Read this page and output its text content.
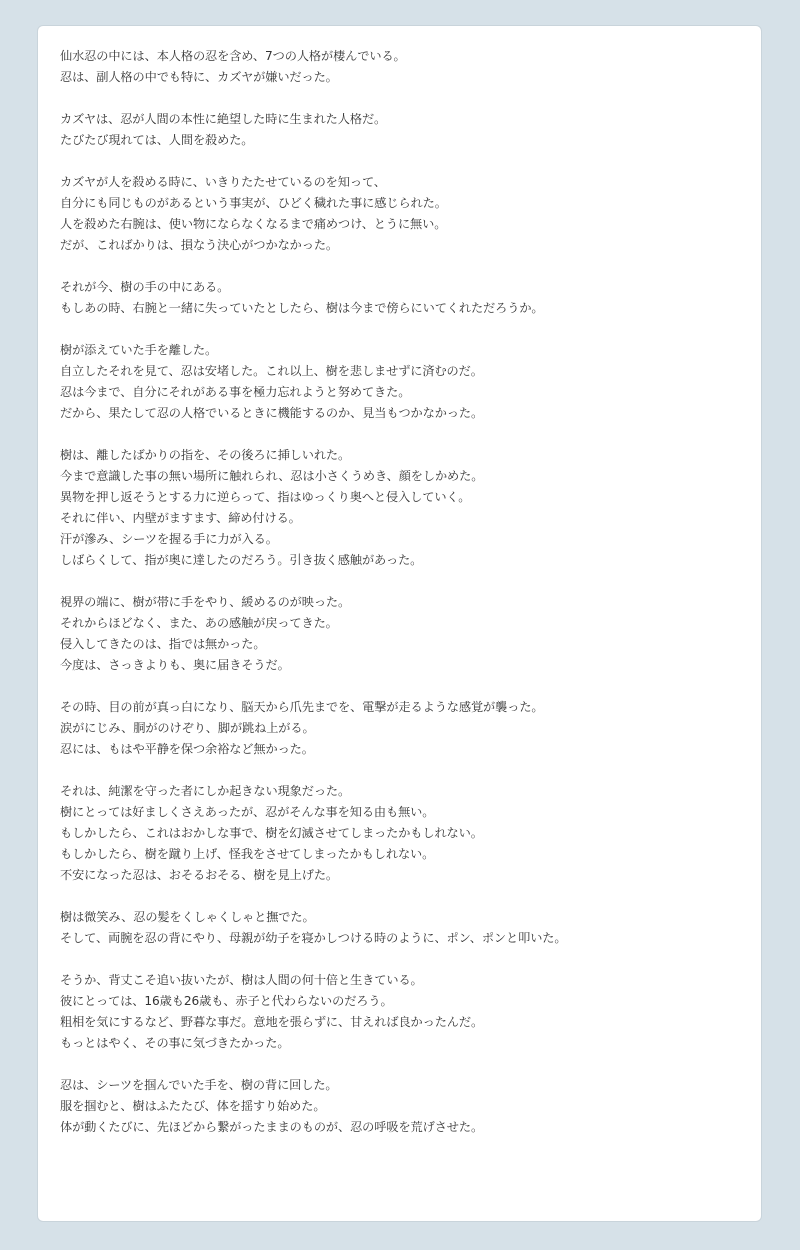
仙水忍の中には、本人格の忍を含め、7つの人格が棲んでいる。
忍は、副人格の中でも特に、カズヤが嫌いだった。
カズヤは、忍が人間の本性に絶望した時に生まれた人格だ。
たびたび現れては、人間を殺めた。
カズヤが人を殺める時に、いきりたたせているのを知って、
自分にも同じものがあるという事実が、ひどく穢れた事に感じられた。
人を殺めた右腕は、使い物にならなくなるまで痛めつけ、とうに無い。
だが、こればかりは、損なう決心がつかなかった。
それが今、樹の手の中にある。
もしあの時、右腕と一緒に失っていたとしたら、樹は今まで傍らにいてくれただろうか。
樹が添えていた手を離した。
自立したそれを見て、忍は安堵した。これ以上、樹を悲しませずに済むのだ。
忍は今まで、自分にそれがある事を極力忘れようと努めてきた。
だから、果たして忍の人格でいるときに機能するのか、見当もつかなかった。
樹は、離したばかりの指を、その後ろに挿しいれた。
今まで意識した事の無い場所に触れられ、忍は小さくうめき、顔をしかめた。
異物を押し返そうとする力に逆らって、指はゆっくり奥へと侵入していく。
それに伴い、内壁がますます、締め付ける。
汗が滲み、シーツを握る手に力が入る。
しばらくして、指が奥に達したのだろう。引き抜く感触があった。
視界の端に、樹が帯に手をやり、緩めるのが映った。
それからほどなく、また、あの感触が戻ってきた。
侵入してきたのは、指では無かった。
今度は、さっきよりも、奥に届きそうだ。
その時、目の前が真っ白になり、脳天から爪先までを、電撃が走るような感覚が襲った。
涙がにじみ、胴がのけぞり、脚が跳ね上がる。
忍には、もはや平静を保つ余裕など無かった。
それは、純潔を守った者にしか起きない現象だった。
樹にとっては好ましくさえあったが、忍がそんな事を知る由も無い。
もしかしたら、これはおかしな事で、樹を幻滅させてしまったかもしれない。
もしかしたら、樹を蹴り上げ、怪我をさせてしまったかもしれない。
不安になった忍は、おそるおそる、樹を見上げた。
樹は微笑み、忍の髪をくしゃくしゃと撫でた。
そして、両腕を忍の背にやり、母親が幼子を寝かしつける時のように、ポン、ポンと叩いた。
そうか、背丈こそ追い抜いたが、樹は人間の何十倍と生きている。
彼にとっては、16歳も26歳も、赤子と代わらないのだろう。
粗相を気にするなど、野暮な事だ。意地を張らずに、甘えれば良かったんだ。
もっとはやく、その事に気づきたかった。
忍は、シーツを掴んでいた手を、樹の背に回した。
服を掴むと、樹はふたたび、体を揺すり始めた。
体が動くたびに、先ほどから繋がったままのものが、忍の呼吸を荒げさせた。
